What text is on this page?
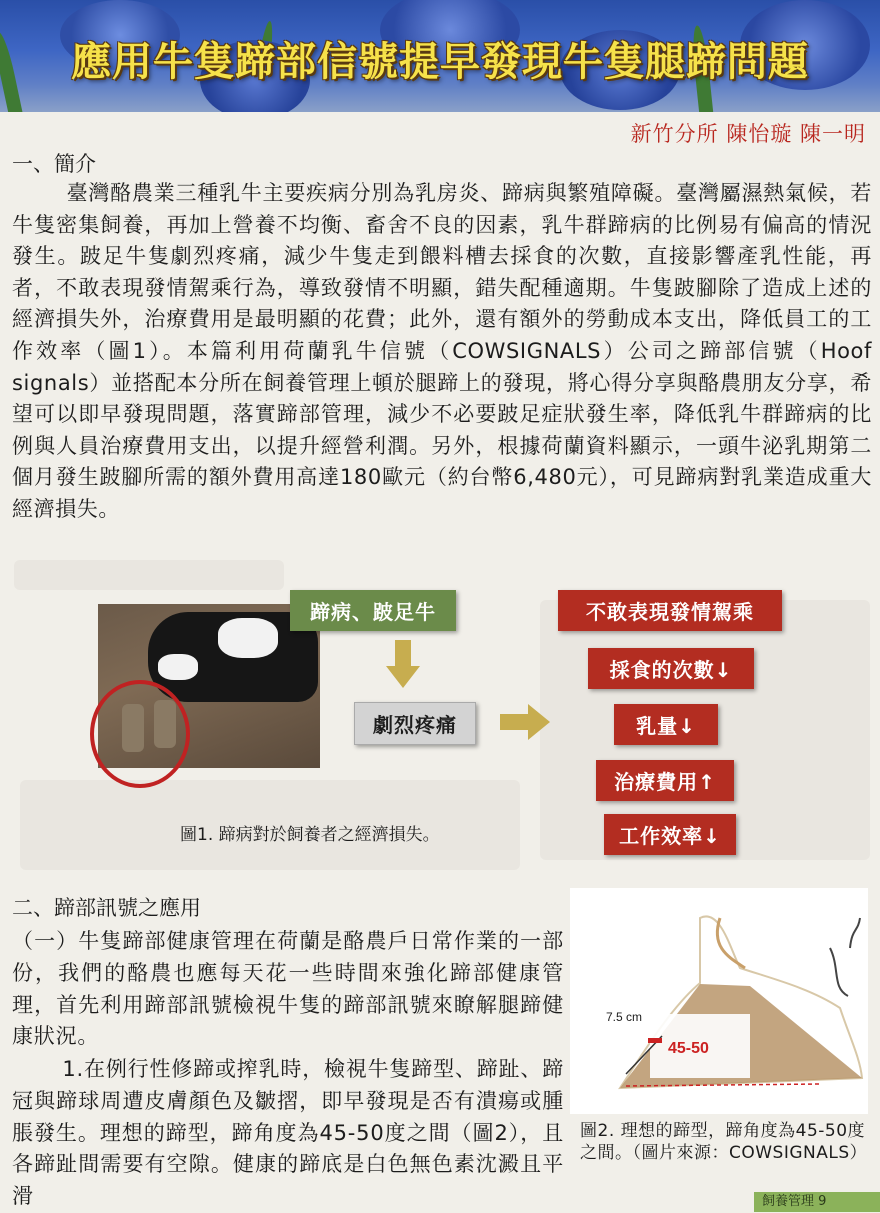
應用牛隻蹄部信號提早發現牛隻腿蹄問題
新竹分所 陳怡璇 陳一明
一、簡介

臺灣酪農業三種乳牛主要疾病分別為乳房炎、蹄病與繁殖障礙。臺灣屬濕熱氣候，若牛隻密集飼養，再加上營養不均衡、畜舍不良的因素，乳牛群蹄病的比例易有偏高的情況發生。跛足牛隻劇烈疼痛，減少牛隻走到餵料槽去採食的次數，直接影響產乳性能，再者，不敢表現發情駕乘行為，導致發情不明顯，錯失配種適期。牛隻跛腳除了造成上述的經濟損失外，治療費用是最明顯的花費；此外，還有額外的勞動成本支出，降低員工的工作效率（圖1）。本篇利用荷蘭乳牛信號（COWSIGNALS）公司之蹄部信號（Hoof signals）並搭配本分所在飼養管理上頓於腿蹄上的發現，將心得分享與酪農朋友分享，希望可以即早發現問題，落實蹄部管理，減少不必要跛足症狀發生率，降低乳牛群蹄病的比例與人員治療費用支出，以提升經營利潤。另外，根據荷蘭資料顯示，一頭牛泌乳期第二個月發生跛腳所需的額外費用高達180歐元（約台幣6,480元），可見蹄病對乳業造成重大經濟損失。

蹄病、跛足牛
劇烈疼痛
不敢表現發情駕乘
採食的次數↓
乳量↓
治療費用↑
工作效率↓
圖1. 蹄病對於飼養者之經濟損失。
二、蹄部訊號之應用

（一）牛隻蹄部健康管理在荷蘭是酪農戶日常作業的一部份，我們的酪農也應每天花一些時間來強化蹄部健康管理，首先利用蹄部訊號檢視牛隻的蹄部訊號來瞭解腿蹄健康狀況。

1.在例行性修蹄或搾乳時，檢視牛隻蹄型、蹄趾、蹄冠與蹄球周遭皮膚顏色及皺摺，即早發現是否有潰瘍或腫脹發生。理想的蹄型，蹄角度為45-50度之間（圖2），且各蹄趾間需要有空隙。健康的蹄底是白色無色素沈澱且平滑

7.5 cm
45-50
圖2. 理想的蹄型，蹄角度為45-50度之間。（圖片來源：COWSIGNALS）
飼養管理 9
